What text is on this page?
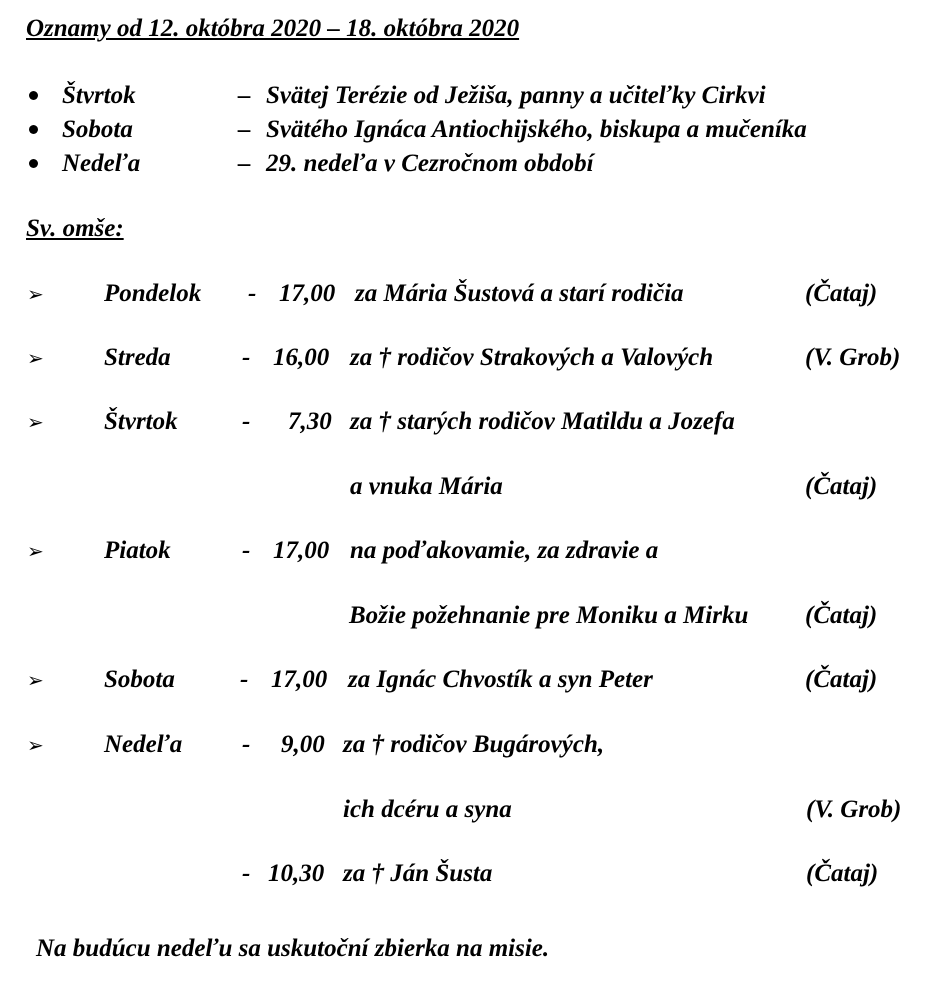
Oznamy od 12. októbra 2020 – 18. októbra 2020
Štvrtok	– Svätej Terézie od Ježiša, panny a učiteľky Cirkvi
Sobota	– Svätého Ignáca Antiochijského, biskupa a mučeníka
Nedeľa	– 29. nedeľa v Cezročnom období
Sv. omše:
➢ Pondelok - 17,00 za Mária Šustová a starí rodičia	(Čataj)
➢ Streda	- 16,00 za † rodičov Strakových a Valových	(V. Grob)
➢ Štvrtok	- 7,30 za † starých rodičov Matildu a Jozefa
a vnuka Mária	(Čataj)
➢ Piatok	- 17,00 na poďakovamie, za zdravie a
Božie požehnanie pre Moniku a Mirku (Čataj)
➢ Sobota	- 17,00 za Ignác Chvostík a syn Peter	(Čataj)
➢ Nedeľa - 9,00 za † rodičov Bugárových,
ich dcéru a syna	(V. Grob)
- 10,30 za † Ján Šusta	(Čataj)
Na budúcu nedeľu sa uskutoční zbierka na misie.
